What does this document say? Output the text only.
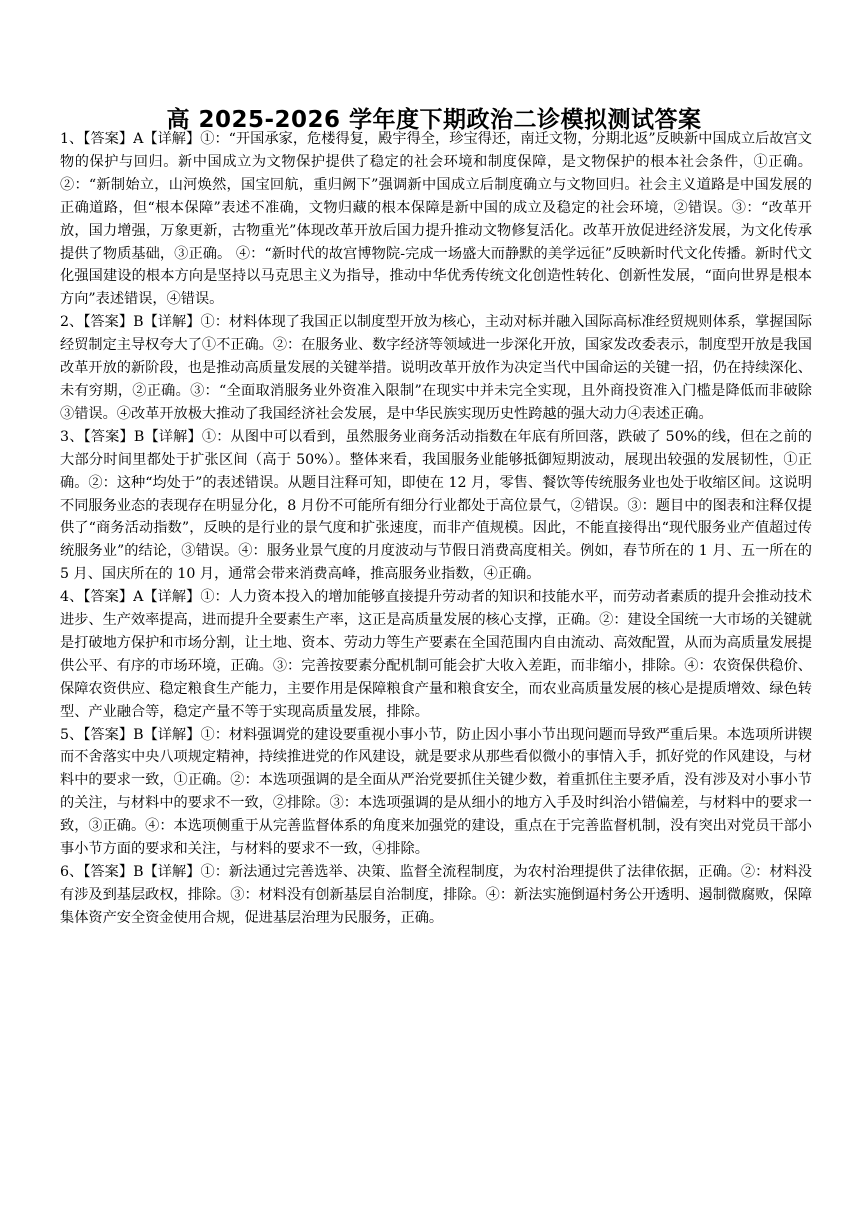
高 2025-2026 学年度下期政治二诊模拟测试答案

1、【答案】A【详解】①：“开国承家，危楼得复，殿宇得全，珍宝得还，南迁文物，分期北返”反映新中国成立后故宫文物的保护与回归。新中国成立为文物保护提供了稳定的社会环境和制度保障，是文物保护的根本社会条件，①正确。②：“新制始立，山河焕然，国宝回航，重归阙下”强调新中国成立后制度确立与文物回归。社会主义道路是中国发展的正确道路，但“根本保障”表述不准确，文物归藏的根本保障是新中国的成立及稳定的社会环境，②错误。③：“改革开放，国力增强，万象更新，古物重光”体现改革开放后国力提升推动文物修复活化。改革开放促进经济发展，为文化传承提供了物质基础，③正确。 ④：“新时代的故宫博物院-完成一场盛大而静默的美学远征”反映新时代文化传播。新时代文化强国建设的根本方向是坚持以马克思主义为指导，推动中华优秀传统文化创造性转化、创新性发展，“面向世界是根本方向”表述错误，④错误。

2、【答案】B【详解】①：材料体现了我国正以制度型开放为核心，主动对标并融入国际高标准经贸规则体系，掌握国际经贸制定主导权夸大了①不正确。②：在服务业、数字经济等领域进一步深化开放，国家发改委表示，制度型开放是我国改革开放的新阶段，也是推动高质量发展的关键举措。说明改革开放作为决定当代中国命运的关键一招，仍在持续深化、未有穷期，②正确。③：“全面取消服务业外资准入限制”在现实中并未完全实现，且外商投资准入门槛是降低而非破除③错误。④改革开放极大推动了我国经济社会发展，是中华民族实现历史性跨越的强大动力④表述正确。

3、【答案】B【详解】①：从图中可以看到，虽然服务业商务活动指数在年底有所回落，跌破了 50%的线，但在之前的大部分时间里都处于扩张区间（高于 50%）。整体来看，我国服务业能够抵御短期波动，展现出较强的发展韧性，①正确。②：这种“均处于”的表述错误。从题目注释可知，即使在 12 月，零售、餐饮等传统服务业也处于收缩区间。这说明不同服务业态的表现存在明显分化，8 月份不可能所有细分行业都处于高位景气，②错误。③：题目中的图表和注释仅提供了“商务活动指数”，反映的是行业的景气度和扩张速度，而非产值规模。因此，不能直接得出“现代服务业产值超过传统服务业”的结论，③错误。④：服务业景气度的月度波动与节假日消费高度相关。例如，春节所在的 1 月、五一所在的 5 月、国庆所在的 10 月，通常会带来消费高峰，推高服务业指数，④正确。

4、【答案】A【详解】①：人力资本投入的增加能够直接提升劳动者的知识和技能水平，而劳动者素质的提升会推动技术进步、生产效率提高，进而提升全要素生产率，这正是高质量发展的核心支撑，正确。②：建设全国统一大市场的关键就是打破地方保护和市场分割，让土地、资本、劳动力等生产要素在全国范围内自由流动、高效配置，从而为高质量发展提供公平、有序的市场环境，正确。③：完善按要素分配机制可能会扩大收入差距，而非缩小，排除。④：农资保供稳价、保障农资供应、稳定粮食生产能力，主要作用是保障粮食产量和粮食安全，而农业高质量发展的核心是提质增效、绿色转型、产业融合等，稳定产量不等于实现高质量发展，排除。

5、【答案】B【详解】①：材料强调党的建设要重视小事小节，防止因小事小节出现问题而导致严重后果。本选项所讲锲而不舍落实中央八项规定精神，持续推进党的作风建设，就是要求从那些看似微小的事情入手，抓好党的作风建设，与材料中的要求一致，①正确。②：本选项强调的是全面从严治党要抓住关键少数，着重抓住主要矛盾，没有涉及对小事小节的关注，与材料中的要求不一致，②排除。③：本选项强调的是从细小的地方入手及时纠治小错偏差，与材料中的要求一致，③正确。④：本选项侧重于从完善监督体系的角度来加强党的建设，重点在于完善监督机制，没有突出对党员干部小事小节方面的要求和关注，与材料的要求不一致，④排除。

6、【答案】B【详解】①：新法通过完善选举、决策、监督全流程制度，为农村治理提供了法律依据，正确。②：材料没有涉及到基层政权，排除。③：材料没有创新基层自治制度，排除。④：新法实施倒逼村务公开透明、遏制微腐败，保障集体资产安全资金使用合规，促进基层治理为民服务，正确。
